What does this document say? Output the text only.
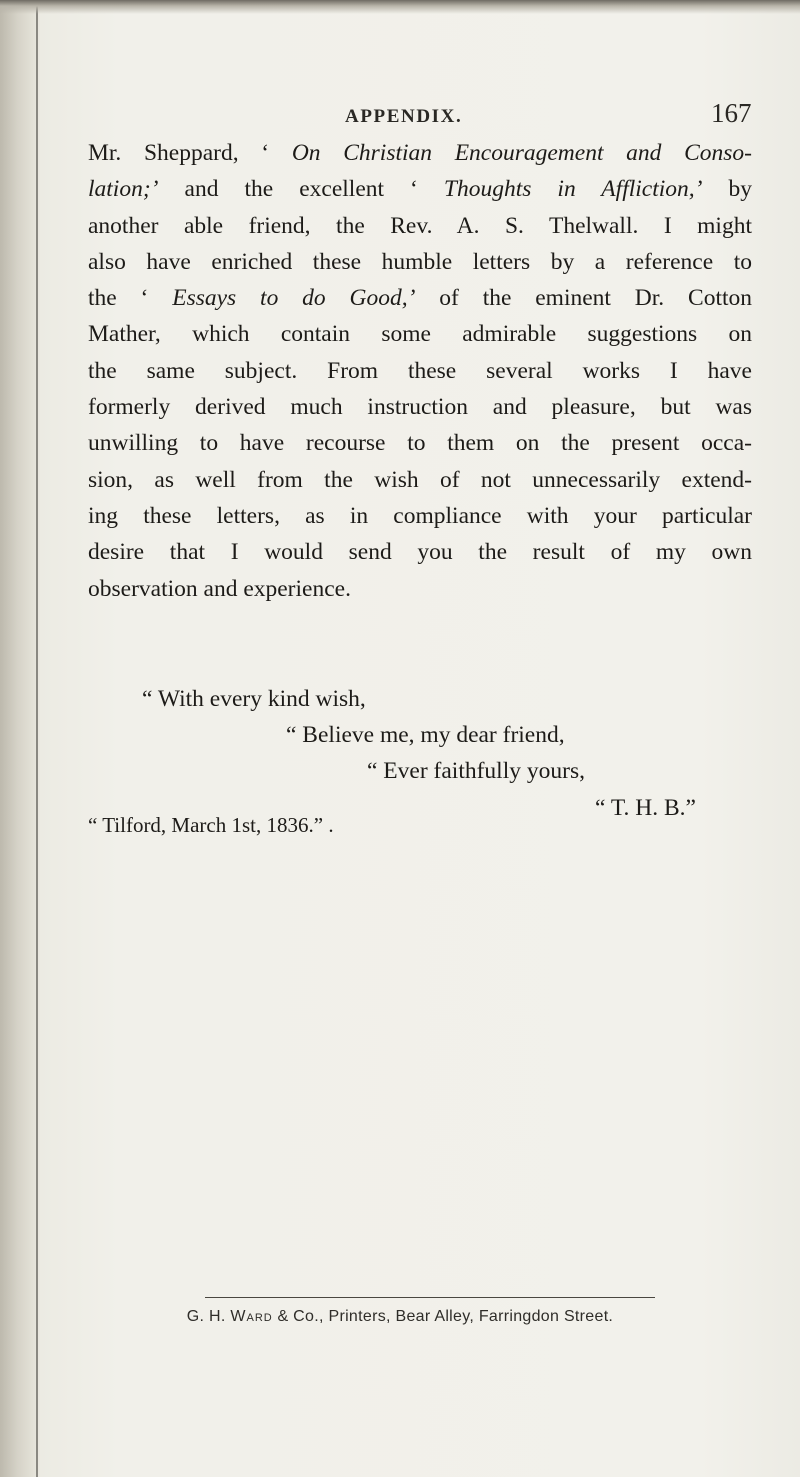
APPENDIX.	167
Mr. Sheppard, ‘ On Christian Encouragement and Conso-
lation;’ and the excellent ‘ Thoughts in Affliction,’ by
another able friend, the Rev. A. S. Thelwall. I might
also have enriched these humble letters by a reference to
the ‘ Essays to do Good,’ of the eminent Dr. Cotton
Mather, which contain some admirable suggestions on
the same subject. From these several works I have
formerly derived much instruction and pleasure, but was
unwilling to have recourse to them on the present occa-
sion, as well from the wish of not unnecessarily extend-
ing these letters, as in compliance with your particular
desire that I would send you the result of my own
observation and experience.
“ With every kind wish,
“ Believe me, my dear friend,
“ Ever faithfully yours,
“ T. H. B.”
“ Tilford, March 1st, 1836.” .
G. H. Ward & Co., Printers, Bear Alley, Farringdon Street.
